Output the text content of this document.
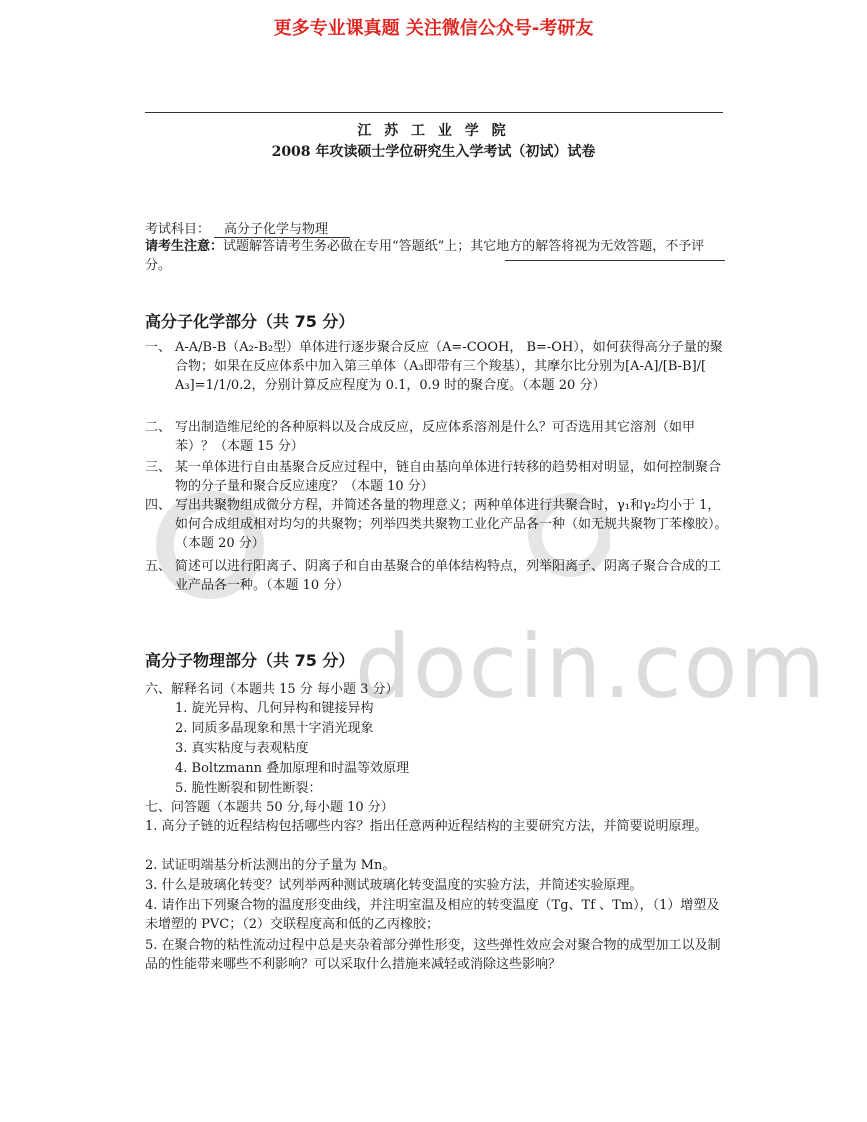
更多专业课真题 关注微信公众号-考研友
江 苏 工 业 学 院
2008 年攻读硕士学位研究生入学考试（初试）试卷
考试科目： 高分子化学与物理
请考生注意：试题解答请考生务必做在专用“答题纸”上；其它地方的解答将视为无效答题，不予评分。
docin.com
高分子化学部分（共 75 分）
一、 A-A/B-B（A₂-B₂型）单体进行逐步聚合反应（A=-COOH， B=-OH），如何获得高分子量的聚合物；如果在反应体系中加入第三单体（A₃即带有三个羧基），其摩尔比分别为[A-A]/[B-B]/[ A₃]=1/1/0.2，分别计算反应程度为 0.1，0.9 时的聚合度。（本题 20 分）
二、 写出制造维尼纶的各种原料以及合成反应，反应体系溶剂是什么？可否选用其它溶剂（如甲苯）？（本题 15 分）
三、 某一单体进行自由基聚合反应过程中，链自由基向单体进行转移的趋势相对明显，如何控制聚合物的分子量和聚合反应速度？（本题 10 分）
四、 写出共聚物组成微分方程，并简述各量的物理意义；两种单体进行共聚合时，γ₁和γ₂均小于 1，如何合成组成相对均匀的共聚物；列举四类共聚物工业化产品各一种（如无规共聚物丁苯橡胶）。（本题 20 分）
五、 简述可以进行阳离子、阴离子和自由基聚合的单体结构特点，列举阳离子、阴离子聚合合成的工业产品各一种。（本题 10 分）
高分子物理部分（共 75 分）
六、解释名词（本题共 15 分 每小题 3 分）
1. 旋光异构、几何异构和键接异构
2. 同质多晶现象和黑十字消光现象
3. 真实粘度与表观粘度
4. Boltzmann 叠加原理和时温等效原理
5. 脆性断裂和韧性断裂：
七、问答题（本题共 50 分,每小题 10 分）
1. 高分子链的近程结构包括哪些内容？指出任意两种近程结构的主要研究方法，并简要说明原理。
2. 试证明端基分析法测出的分子量为 Mn。
3. 什么是玻璃化转变？试列举两种测试玻璃化转变温度的实验方法，并简述实验原理。
4. 请作出下列聚合物的温度形变曲线，并注明室温及相应的转变温度（Tg、Tf 、Tm），（1）增塑及未增塑的 PVC；（2）交联程度高和低的乙丙橡胶；
5. 在聚合物的粘性流动过程中总是夹杂着部分弹性形变，这些弹性效应会对聚合物的成型加工以及制品的性能带来哪些不利影响？可以采取什么措施来减轻或消除这些影响？
